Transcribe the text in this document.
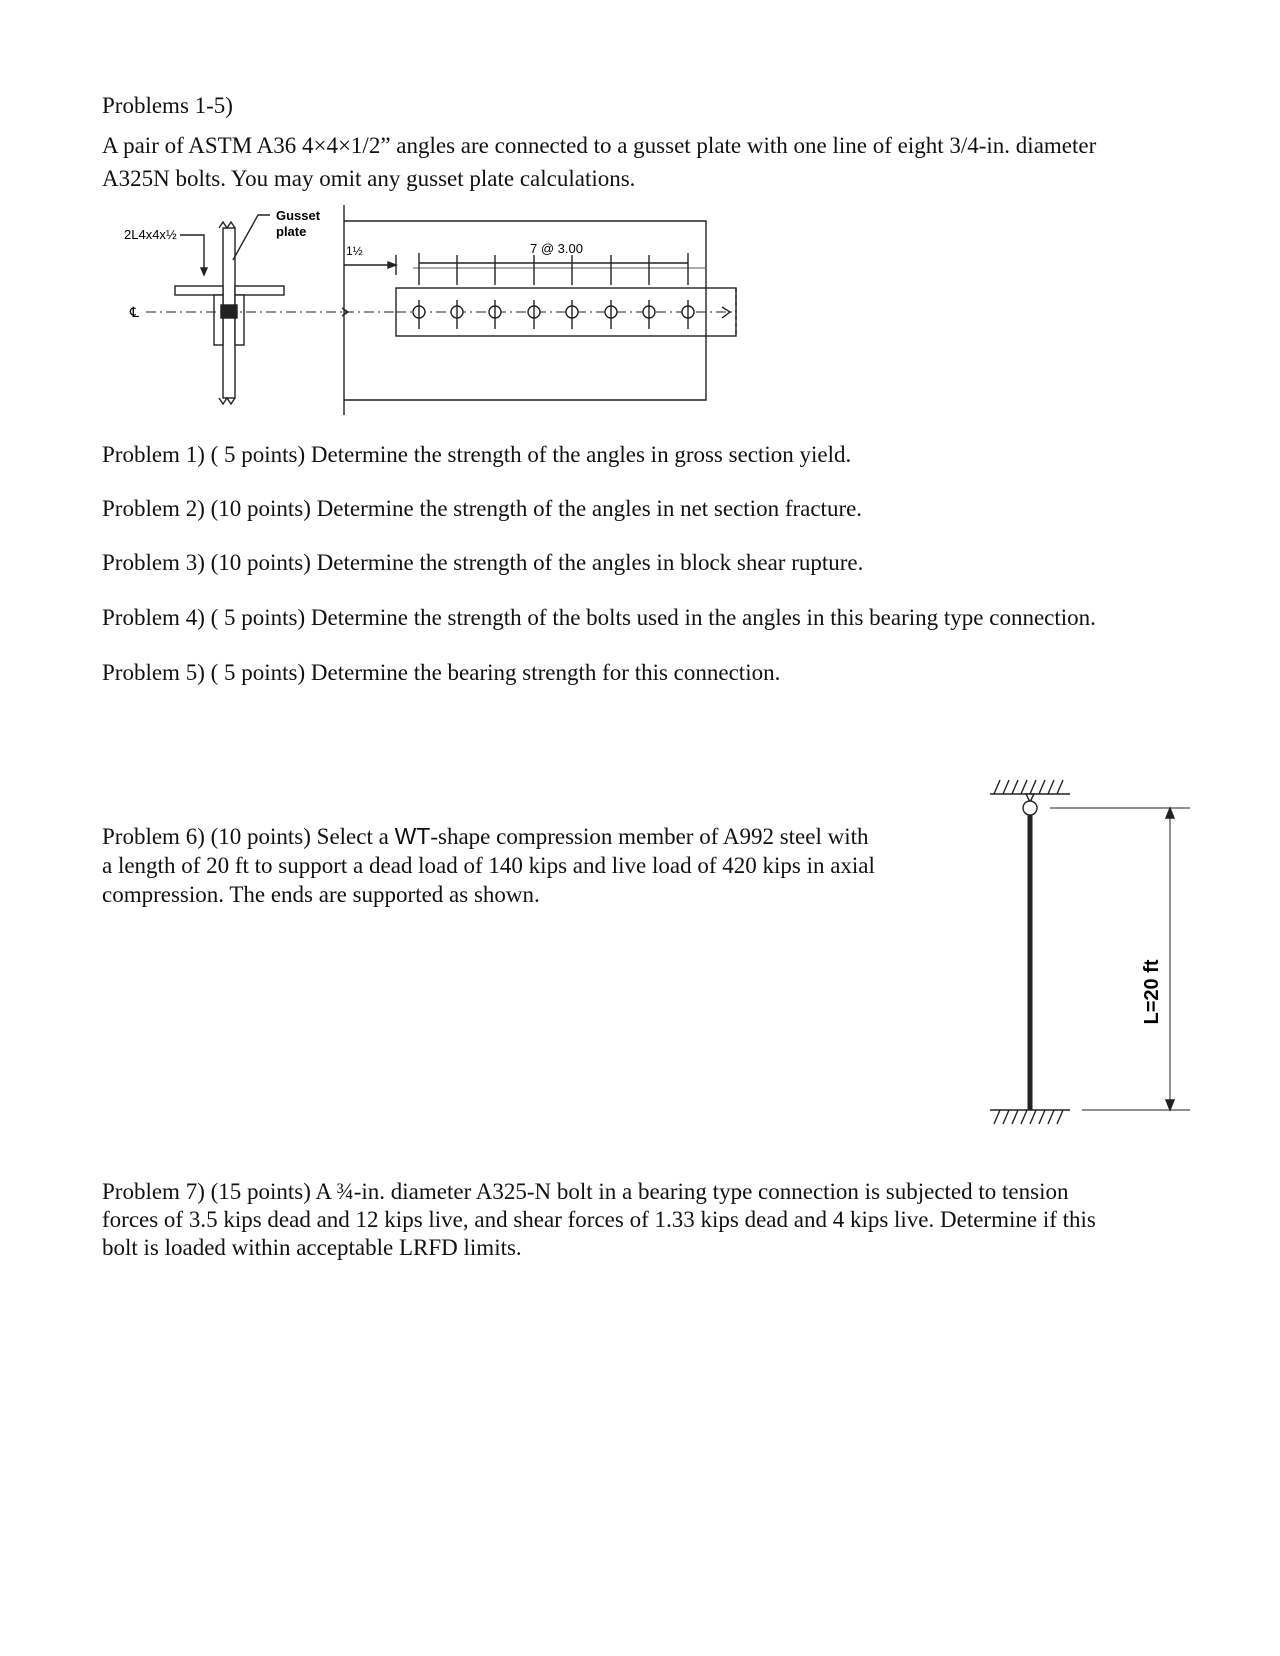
Problems 1-5)
A pair of ASTM A36 4×4×1/2” angles are connected to a gusset plate with one line of eight 3/4-in. diameter
A325N bolts. You may omit any gusset plate calculations.
2L4x4x½
Gusset
plate
℄
1½	7 @ 3.00
Problem 1) ( 5 points) Determine the strength of the angles in gross section yield.
Problem 2) (10 points) Determine the strength of the angles in net section fracture.
Problem 3) (10 points) Determine the strength of the angles in block shear rupture.
Problem 4) ( 5 points) Determine the strength of the bolts used in the angles in this bearing type connection.
Problem 5) ( 5 points) Determine the bearing strength for this connection.
Problem 6) (10 points) Select a WT-shape compression member of A992 steel with
a length of 20 ft to support a dead load of 140 kips and live load of 420 kips in axial
compression. The ends are supported as shown.
L=20 ft
Problem 7) (15 points) A ¾-in. diameter A325-N bolt in a bearing type connection is subjected to tension
forces of 3.5 kips dead and 12 kips live, and shear forces of 1.33 kips dead and 4 kips live. Determine if this
bolt is loaded within acceptable LRFD limits.
